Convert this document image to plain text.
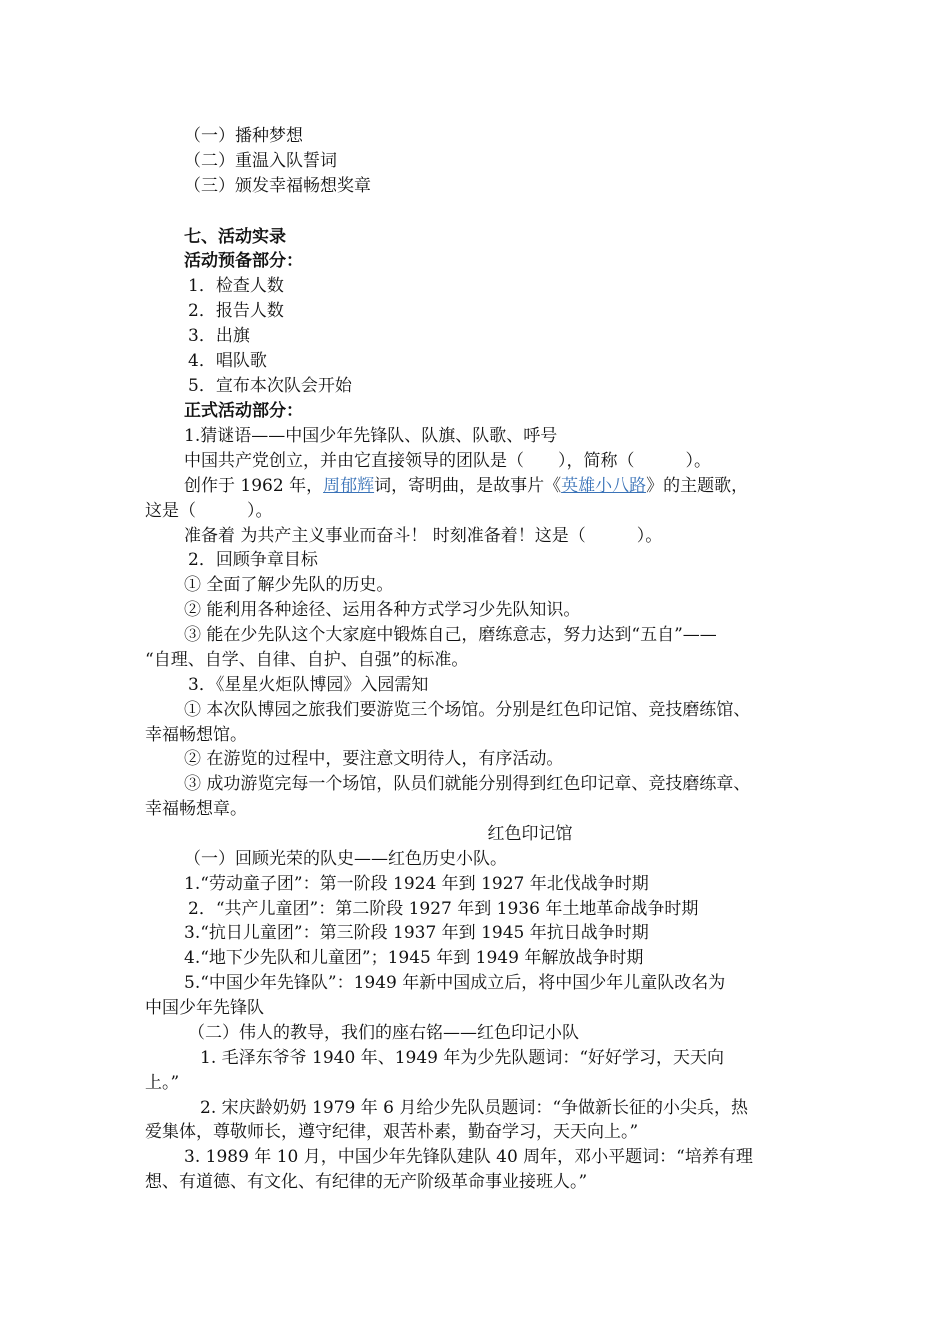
（一）播种梦想
（二）重温入队誓词
（三）颁发幸福畅想奖章
七、活动实录
活动预备部分：
1．检查人数
2．报告人数
3．出旗
4．唱队歌
5．宣布本次队会开始
正式活动部分：
1.猜谜语——中国少年先锋队、队旗、队歌、呼号
中国共产党创立，并由它直接领导的团队是（　　），简称（　　　）。
创作于 1962 年，周郁辉词，寄明曲，是故事片《英雄小八路》的主题歌，
这是（　　　）。
准备着 为共产主义事业而奋斗！ 时刻准备着！这是（　　　）。
2．回顾争章目标
① 全面了解少先队的历史。
② 能利用各种途径、运用各种方式学习少先队知识。
③ 能在少先队这个大家庭中锻炼自己，磨练意志，努力达到“五自”——
“自理、自学、自律、自护、自强”的标准。
3．《星星火炬队博园》入园需知
① 本次队博园之旅我们要游览三个场馆。分别是红色印记馆、竞技磨练馆、
幸福畅想馆。
② 在游览的过程中，要注意文明待人，有序活动。
③ 成功游览完每一个场馆，队员们就能分别得到红色印记章、竞技磨练章、
幸福畅想章。
红色印记馆
（一）回顾光荣的队史——红色历史小队。
1.“劳动童子团”：第一阶段 1924 年到 1927 年北伐战争时期
2．“共产儿童团”：第二阶段 1927 年到 1936 年土地革命战争时期
3.“抗日儿童团”：第三阶段 1937 年到 1945 年抗日战争时期
4.“地下少先队和儿童团”；1945 年到 1949 年解放战争时期
5.“中国少年先锋队”：1949 年新中国成立后，将中国少年儿童队改名为
中国少年先锋队
（二）伟人的教导，我们的座右铭——红色印记小队
1. 毛泽东爷爷 1940 年、1949 年为少先队题词：“好好学习，天天向
上。”
2. 宋庆龄奶奶 1979 年 6 月给少先队员题词：“争做新长征的小尖兵，热
爱集体，尊敬师长，遵守纪律，艰苦朴素，勤奋学习，天天向上。”
3. 1989 年 10 月，中国少年先锋队建队 40 周年，邓小平题词：“培养有理
想、有道德、有文化、有纪律的无产阶级革命事业接班人。”
